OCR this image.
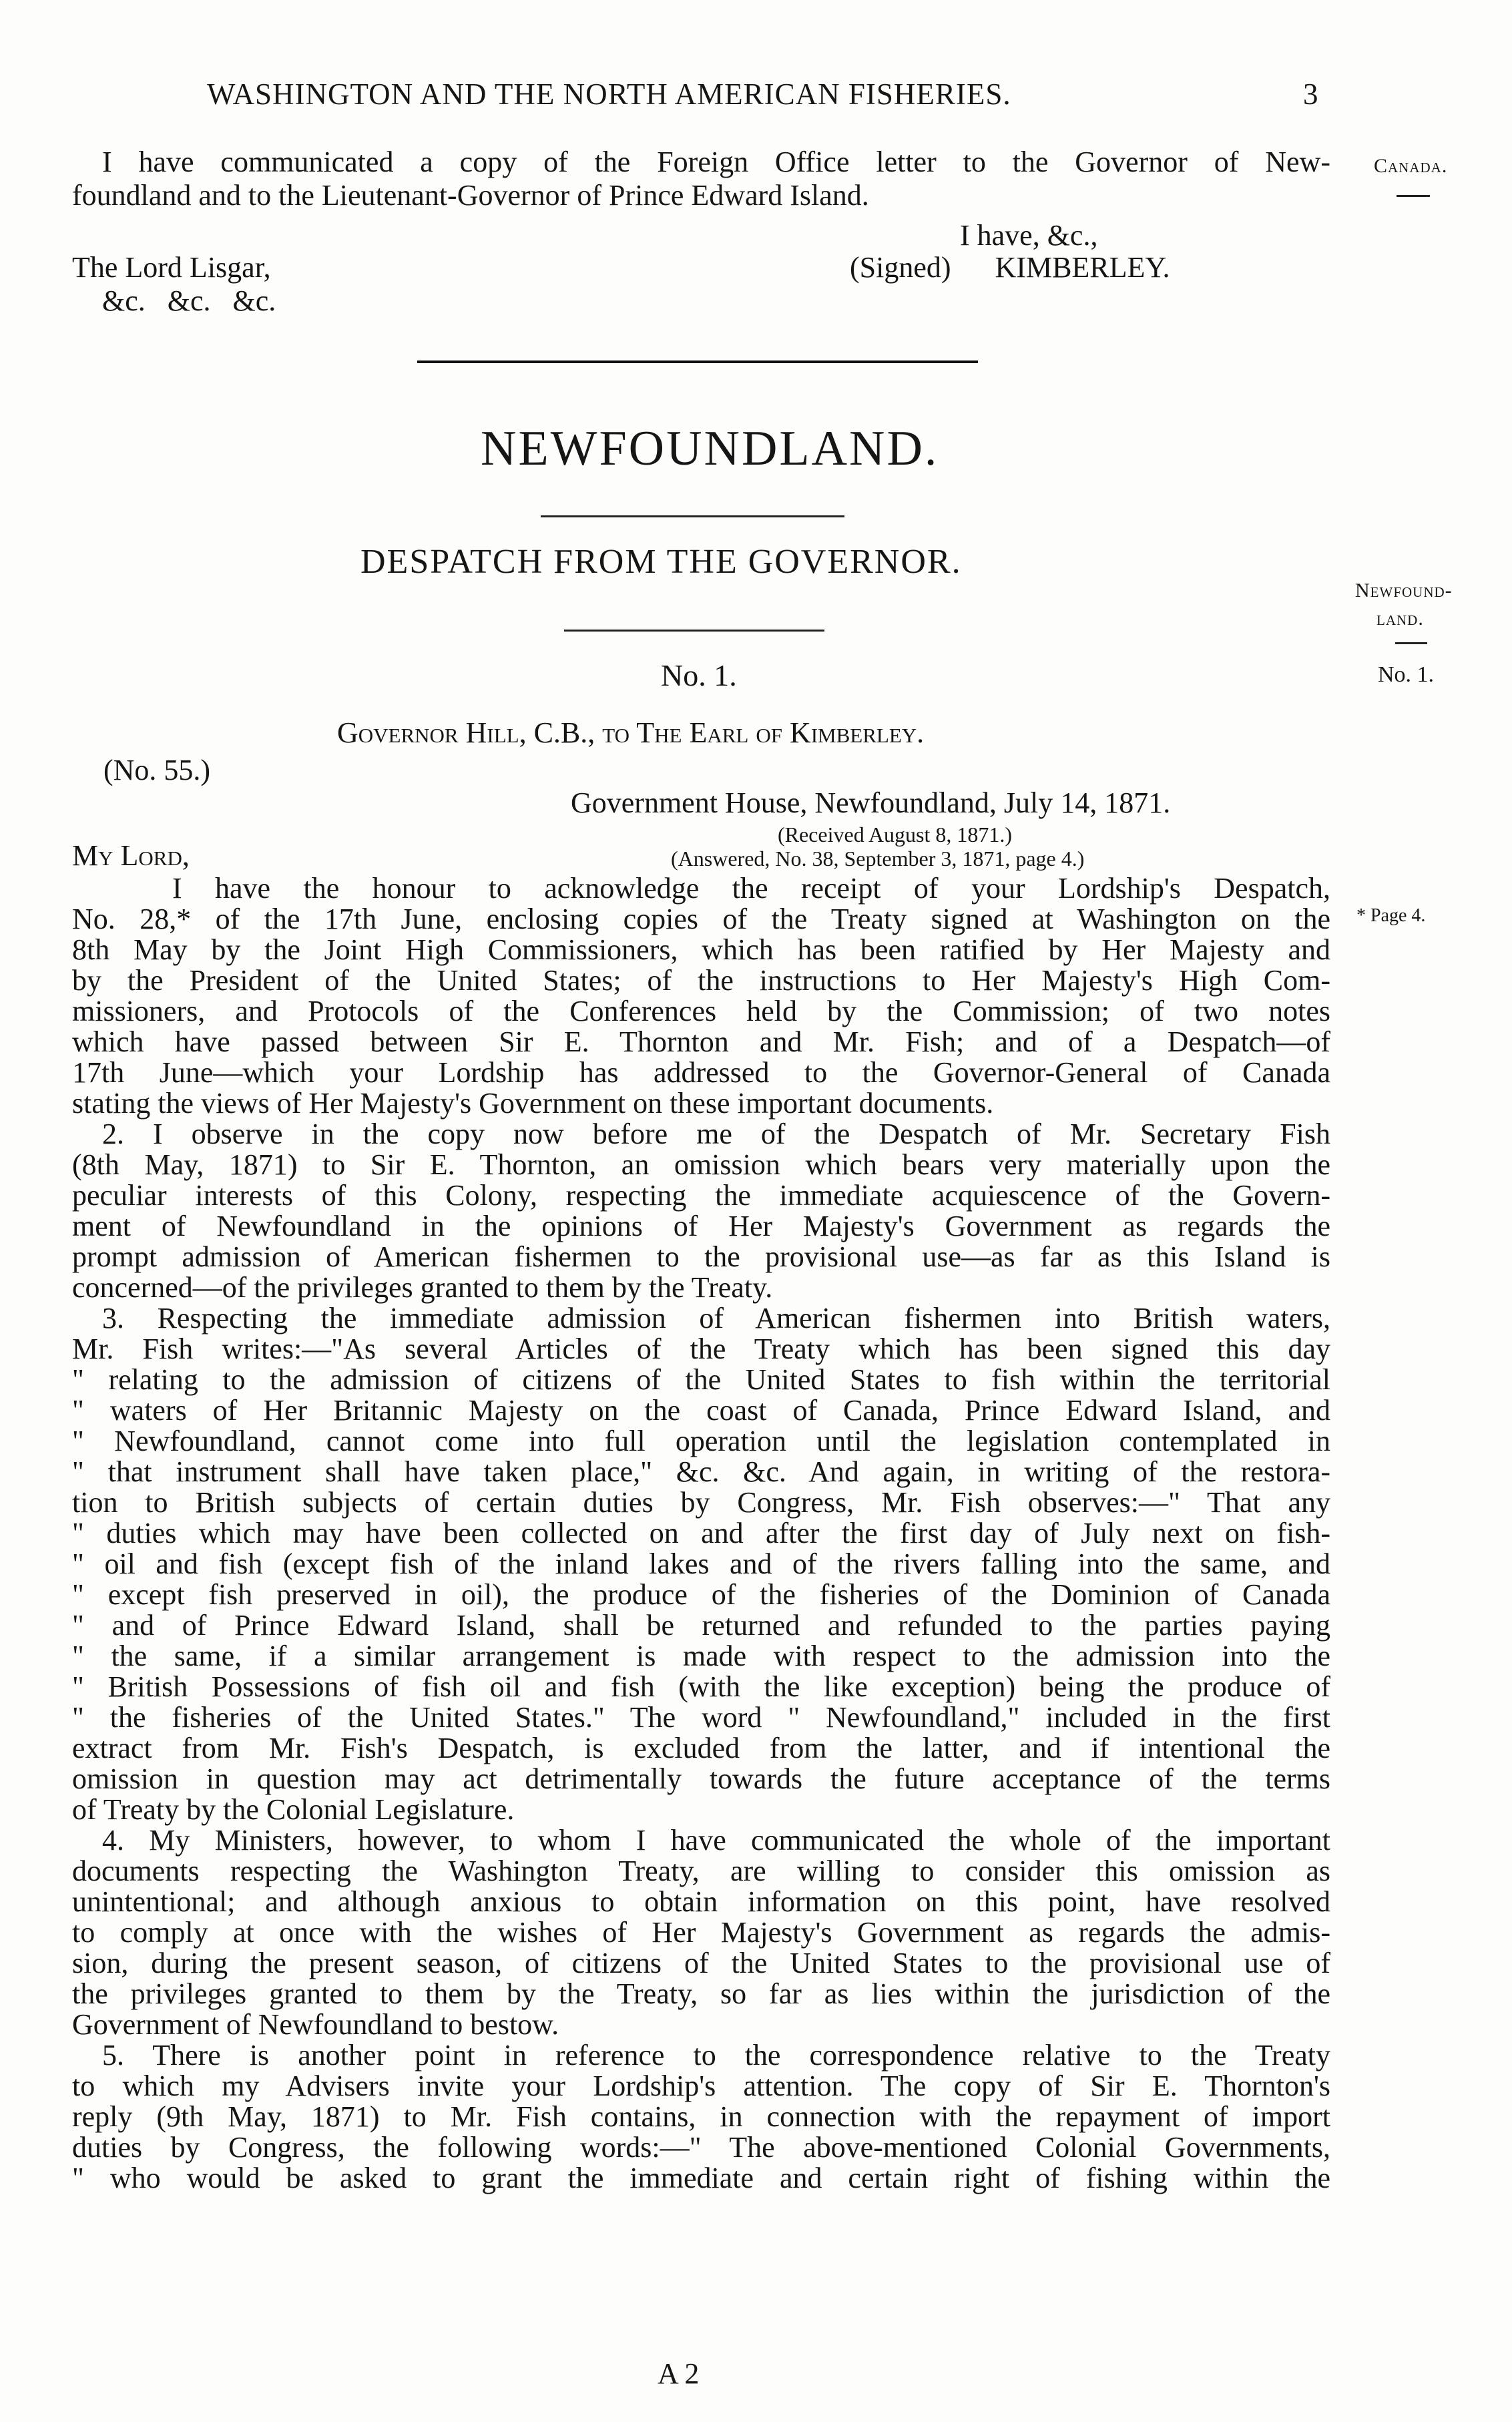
WASHINGTON AND THE NORTH AMERICAN FISHERIES.	3
Canada.
Newfound-
land.
No. 1.
* Page 4.
I have communicated a copy of the Foreign Office letter to the Governor of New-
foundland and to the Lieutenant-Governor of Prince Edward Island.
I have, &c.,
The Lord Lisgar,	(Signed)      KIMBERLEY.
&c.   &c.   &c.
NEWFOUNDLAND.
DESPATCH FROM THE GOVERNOR.
No. 1.
Governor Hill, C.B., to The Earl of Kimberley.
(No. 55.)
Government House, Newfoundland, July 14, 1871.
(Received August 8, 1871.)
(Answered, No. 38, September 3, 1871, page 4.)
My Lord,
I have the honour to acknowledge the receipt of your Lordship's Despatch,
No. 28,* of the 17th June, enclosing copies of the Treaty signed at Washington on the
8th May by the Joint High Commissioners, which has been ratified by Her Majesty and
by the President of the United States; of the instructions to Her Majesty's High Com-
missioners, and Protocols of the Conferences held by the Commission; of two notes
which have passed between Sir E. Thornton and Mr. Fish; and of a Despatch—of
17th June—which your Lordship has addressed to the Governor-General of Canada
stating the views of Her Majesty's Government on these important documents.
2. I observe in the copy now before me of the Despatch of Mr. Secretary Fish
(8th May, 1871) to Sir E. Thornton, an omission which bears very materially upon the
peculiar interests of this Colony, respecting the immediate acquiescence of the Govern-
ment of Newfoundland in the opinions of Her Majesty's Government as regards the
prompt admission of American fishermen to the provisional use—as far as this Island is
concerned—of the privileges granted to them by the Treaty.
3. Respecting the immediate admission of American fishermen into British waters,
Mr. Fish writes:—"As several Articles of the Treaty which has been signed this day
" relating to the admission of citizens of the United States to fish within the territorial
" waters of Her Britannic Majesty on the coast of Canada, Prince Edward Island, and
" Newfoundland, cannot come into full operation until the legislation contemplated in
" that instrument shall have taken place," &c. &c. And again, in writing of the restora-
tion to British subjects of certain duties by Congress, Mr. Fish observes:—" That any
" duties which may have been collected on and after the first day of July next on fish-
" oil and fish (except fish of the inland lakes and of the rivers falling into the same, and
" except fish preserved in oil), the produce of the fisheries of the Dominion of Canada
" and of Prince Edward Island, shall be returned and refunded to the parties paying
" the same, if a similar arrangement is made with respect to the admission into the
" British Possessions of fish oil and fish (with the like exception) being the produce of
" the fisheries of the United States." The word " Newfoundland," included in the first
extract from Mr. Fish's Despatch, is excluded from the latter, and if intentional the
omission in question may act detrimentally towards the future acceptance of the terms
of Treaty by the Colonial Legislature.
4. My Ministers, however, to whom I have communicated the whole of the important
documents respecting the Washington Treaty, are willing to consider this omission as
unintentional; and although anxious to obtain information on this point, have resolved
to comply at once with the wishes of Her Majesty's Government as regards the admis-
sion, during the present season, of citizens of the United States to the provisional use of
the privileges granted to them by the Treaty, so far as lies within the jurisdiction of the
Government of Newfoundland to bestow.
5. There is another point in reference to the correspondence relative to the Treaty
to which my Advisers invite your Lordship's attention. The copy of Sir E. Thornton's
reply (9th May, 1871) to Mr. Fish contains, in connection with the repayment of import
duties by Congress, the following words:—" The above-mentioned Colonial Governments,
" who would be asked to grant the immediate and certain right of fishing within the
A 2
